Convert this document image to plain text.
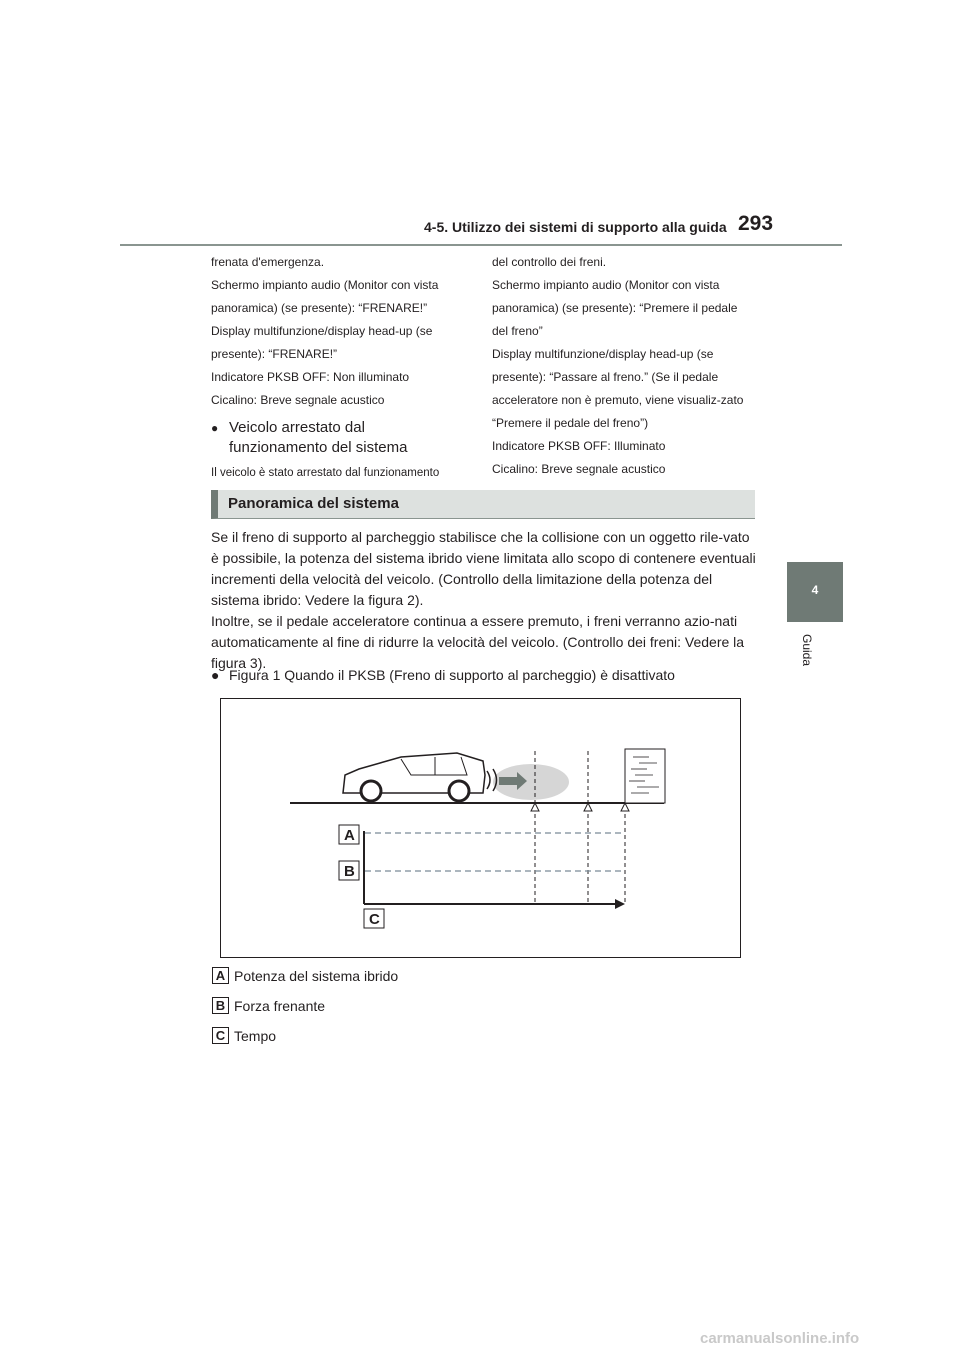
4-5. Utilizzo dei sistemi di supporto alla guida 293
4
Guida

frenata d'emergenza.

Schermo impianto audio (Monitor con vista panoramica) (se presente): “FRENARE!”

Display multifunzione/display head-up (se presente): “FRENARE!”

Indicatore PKSB OFF: Non illuminato

Cicalino: Breve segnale acustico

● Veicolo arrestato dal funzionamento del sistema

Il veicolo è stato arrestato dal funzionamento

del controllo dei freni.

Schermo impianto audio (Monitor con vista panoramica) (se presente): “Premere il pedale del freno”

Display multifunzione/display head-up (se presente): “Passare al freno.” (Se il pedale acceleratore non è premuto, viene visualiz-zato “Premere il pedale del freno”)

Indicatore PKSB OFF: Illuminato

Cicalino: Breve segnale acustico

Panoramica del sistema

Se il freno di supporto al parcheggio stabilisce che la collisione con un oggetto rile-vato è possibile, la potenza del sistema ibrido viene limitata allo scopo di contenere eventuali incrementi della velocità del veicolo. (Controllo della limitazione della potenza del sistema ibrido: Vedere la figura 2).

Inoltre, se il pedale acceleratore continua a essere premuto, i freni verranno azio-nati automaticamente al fine di ridurre la velocità del veicolo. (Controllo dei freni: Vedere la figura 3).

● Figura 1 Quando il PKSB (Freno di supporto al parcheggio) è disattivato
A
B
C
A Potenza del sistema ibrido
B Forza frenante
C Tempo
carmanualsonline.info
